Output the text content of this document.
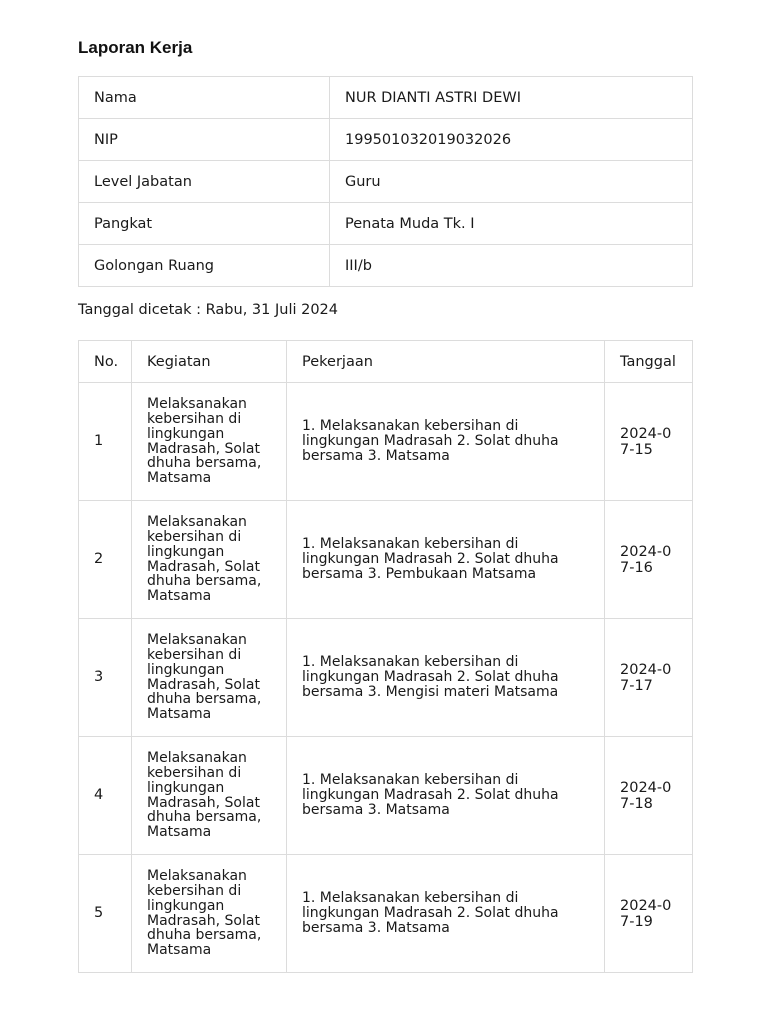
Laporan Kerja
Nama	NUR DIANTI ASTRI DEWI
NIP	199501032019032026
Level Jabatan	Guru
Pangkat	Penata Muda Tk. I
Golongan Ruang	III/b
Tanggal dicetak : Rabu, 31 Juli 2024
No.	Kegiatan	Pekerjaan	Tanggal
1	Melaksanakan kebersihan di lingkungan Madrasah, Solat dhuha bersama, Matsama	1. Melaksanakan kebersihan di lingkungan Madrasah 2. Solat dhuha bersama 3. Matsama	2024-07-15
2	Melaksanakan kebersihan di lingkungan Madrasah, Solat dhuha bersama, Matsama	1. Melaksanakan kebersihan di lingkungan Madrasah 2. Solat dhuha bersama 3. Pembukaan Matsama	2024-07-16
3	Melaksanakan kebersihan di lingkungan Madrasah, Solat dhuha bersama, Matsama	1. Melaksanakan kebersihan di lingkungan Madrasah 2. Solat dhuha bersama 3. Mengisi materi Matsama	2024-07-17
4	Melaksanakan kebersihan di lingkungan Madrasah, Solat dhuha bersama, Matsama	1. Melaksanakan kebersihan di lingkungan Madrasah 2. Solat dhuha bersama 3. Matsama	2024-07-18
5	Melaksanakan kebersihan di lingkungan Madrasah, Solat dhuha bersama, Matsama	1. Melaksanakan kebersihan di lingkungan Madrasah 2. Solat dhuha bersama 3. Matsama	2024-07-19
